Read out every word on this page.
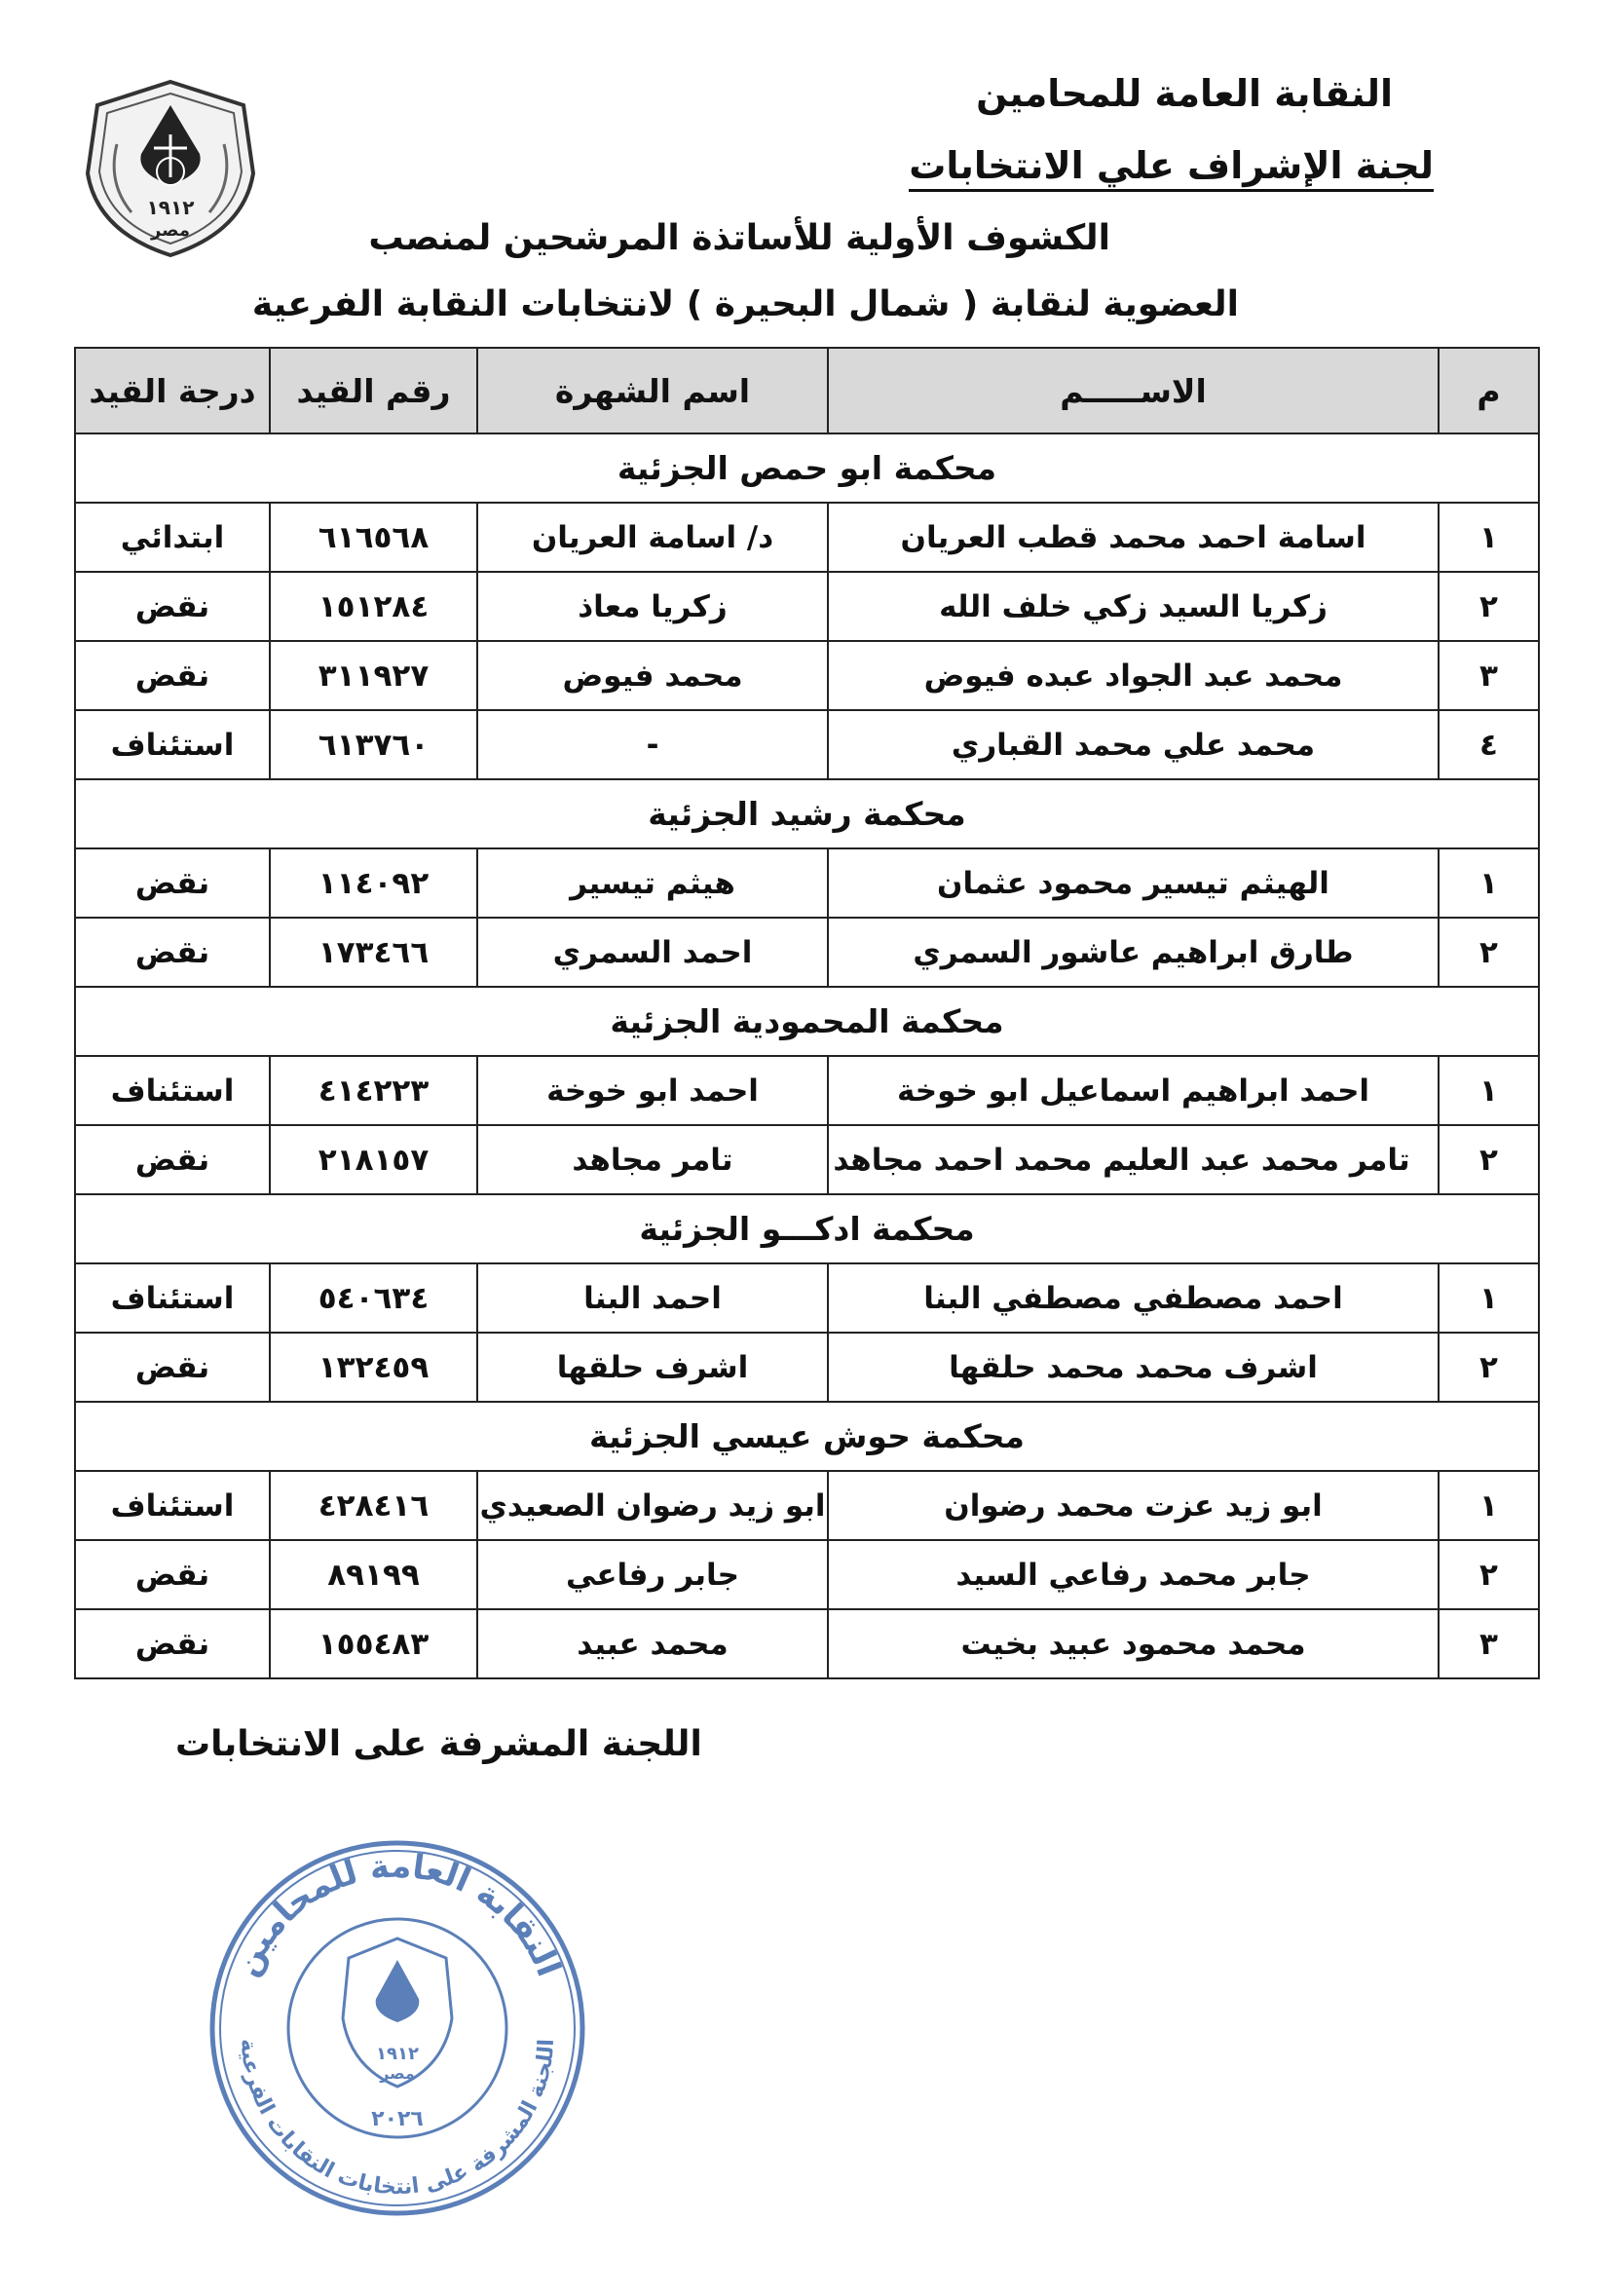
١٩١٢
مصر
النقابة العامة للمحامين
لجنة الإشراف علي الانتخابات
الكشوف الأولية للأساتذة المرشحين لمنصب
العضوية لنقابة ( شمال البحيرة ) لانتخابات النقابة الفرعية
م	الاســـــم	اسم الشهرة	رقم القيد	درجة القيد
محكمة ابو حمص الجزئية				
١	اسامة احمد محمد قطب العريان	د/ اسامة العريان	٦١٦٥٦٨	ابتدائي
٢	زكريا السيد زكي خلف الله	زكريا معاذ	١٥١٢٨٤	نقض
٣	محمد عبد الجواد عبده فيوض	محمد فيوض	٣١١٩٢٧	نقض
٤	محمد علي محمد القباري	-	٦١٣٧٦٠	استئناف
محكمة رشيد الجزئية				
١	الهيثم تيسير محمود عثمان	هيثم تيسير	١١٤٠٩٢	نقض
٢	طارق ابراهيم عاشور السمري	احمد السمري	١٧٣٤٦٦	نقض
محكمة المحمودية الجزئية				
١	احمد ابراهيم اسماعيل ابو خوخة	احمد ابو خوخة	٤١٤٢٢٣	استئناف
٢	تامر محمد عبد العليم محمد احمد مجاهد	تامر مجاهد	٢١٨١٥٧	نقض
محكمة ادكـــو الجزئية				
١	احمد مصطفي مصطفي البنا	احمد البنا	٥٤٠٦٣٤	استئناف
٢	اشرف محمد محمد حلقها	اشرف حلقها	١٣٢٤٥٩	نقض
محكمة حوش عيسي الجزئية				
١	ابو زيد عزت محمد رضوان	ابو زيد رضوان الصعيدي	٤٢٨٤١٦	استئناف
٢	جابر محمد رفاعي السيد	جابر رفاعي	٨٩١٩٩	نقض
٣	محمد محمود عبيد بخيت	محمد عبيد	١٥٥٤٨٣	نقض
اللجنة المشرفة على الانتخابات
النقابة العامة للمحامين
اللجنة المشرفة على انتخابات النقابات الفرعية
١٩١٢
مصر
٢٠٢٦
